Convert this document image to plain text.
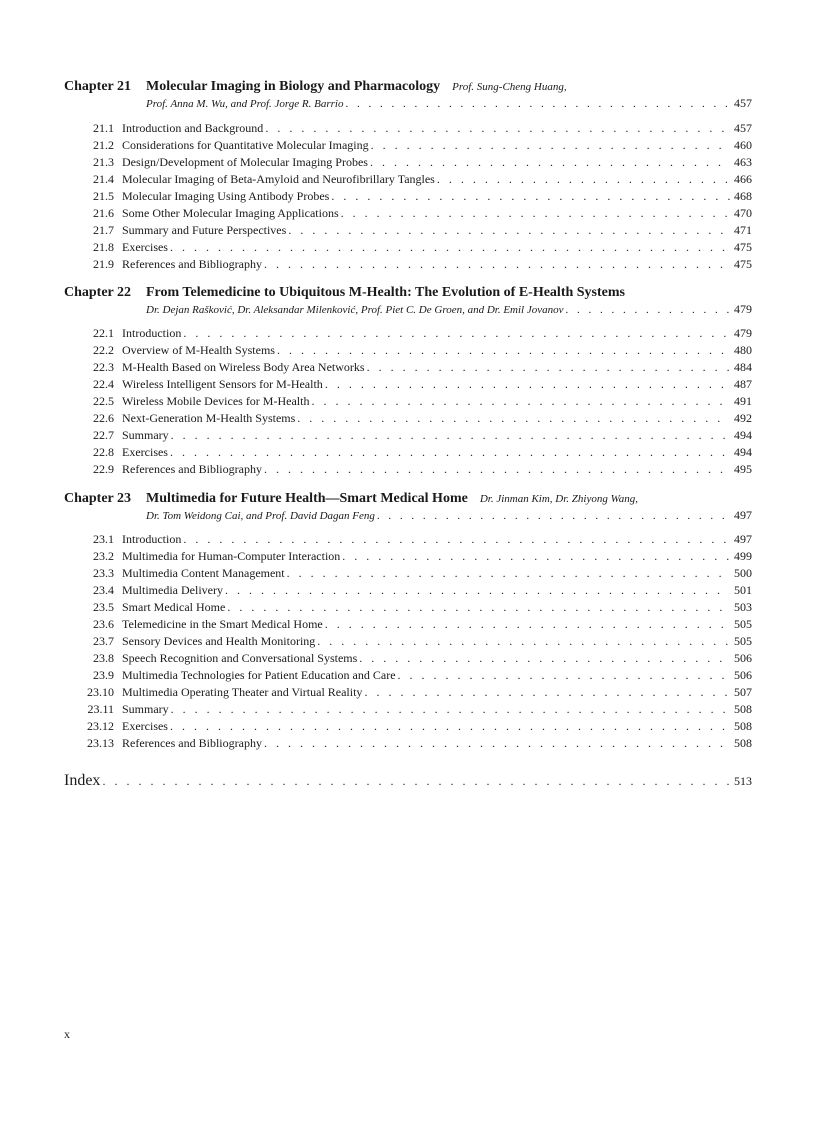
Chapter 21 Molecular Imaging in Biology and Pharmacology Prof. Sung-Cheng Huang,
Prof. Anna M. Wu, and Prof. Jorge R. Barrio . . .	457
21.1 Introduction and Background . . .	457
21.2 Considerations for Quantitative Molecular Imaging . . .	460
21.3 Design/Development of Molecular Imaging Probes . . .	463
21.4 Molecular Imaging of Beta-Amyloid and Neurofibrillary Tangles . . .	466
21.5 Molecular Imaging Using Antibody Probes . . .	468
21.6 Some Other Molecular Imaging Applications . . .	470
21.7 Summary and Future Perspectives . . .	471
21.8 Exercises . . .	475
21.9 References and Bibliography . . .	475
Chapter 22 From Telemedicine to Ubiquitous M-Health: The Evolution of E-Health Systems
Dr. Dejan Rašković, Dr. Aleksandar Milenković, Prof. Piet C. De Groen, and Dr. Emil Jovanov . . .	479
22.1 Introduction . . .	479
22.2 Overview of M-Health Systems . . .	480
22.3 M-Health Based on Wireless Body Area Networks . . .	484
22.4 Wireless Intelligent Sensors for M-Health . . .	487
22.5 Wireless Mobile Devices for M-Health . . .	491
22.6 Next-Generation M-Health Systems . . .	492
22.7 Summary . . .	494
22.8 Exercises . . .	494
22.9 References and Bibliography . . .	495
Chapter 23 Multimedia for Future Health—Smart Medical Home Dr. Jinman Kim, Dr. Zhiyong Wang,
Dr. Tom Weidong Cai, and Prof. David Dagan Feng . . .	497
23.1 Introduction . . .	497
23.2 Multimedia for Human-Computer Interaction . . .	499
23.3 Multimedia Content Management . . .	500
23.4 Multimedia Delivery . . .	501
23.5 Smart Medical Home . . .	503
23.6 Telemedicine in the Smart Medical Home . . .	505
23.7 Sensory Devices and Health Monitoring . . .	505
23.8 Speech Recognition and Conversational Systems . . .	506
23.9 Multimedia Technologies for Patient Education and Care . . .	506
23.10 Multimedia Operating Theater and Virtual Reality . . .	507
23.11 Summary . . .	508
23.12 Exercises . . .	508
23.13 References and Bibliography . . .	508
Index . . .	513
x
